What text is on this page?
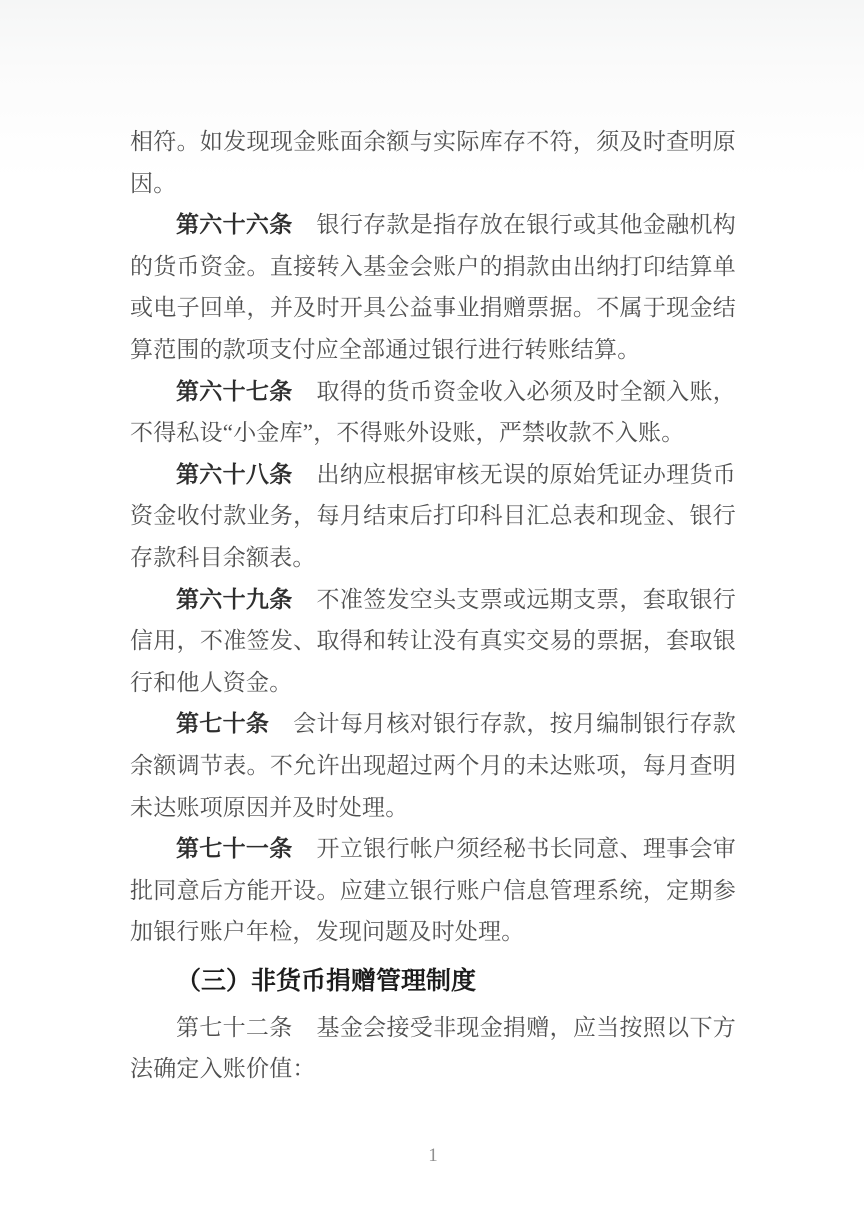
相符。如发现现金账面余额与实际库存不符，须及时查明原因。

第六十六条 银行存款是指存放在银行或其他金融机构的货币资金。直接转入基金会账户的捐款由出纳打印结算单或电子回单，并及时开具公益事业捐赠票据。不属于现金结算范围的款项支付应全部通过银行进行转账结算。

第六十七条 取得的货币资金收入必须及时全额入账，不得私设“小金库”，不得账外设账，严禁收款不入账。

第六十八条 出纳应根据审核无误的原始凭证办理货币资金收付款业务，每月结束后打印科目汇总表和现金、银行存款科目余额表。

第六十九条 不准签发空头支票或远期支票，套取银行信用，不准签发、取得和转让没有真实交易的票据，套取银行和他人资金。

第七十条 会计每月核对银行存款，按月编制银行存款余额调节表。不允许出现超过两个月的未达账项，每月查明未达账项原因并及时处理。

第七十一条 开立银行帐户须经秘书长同意、理事会审批同意后方能开设。应建立银行账户信息管理系统，定期参加银行账户年检，发现问题及时处理。

（三）非货币捐赠管理制度

第七十二条 基金会接受非现金捐赠，应当按照以下方法确定入账价值：

1
